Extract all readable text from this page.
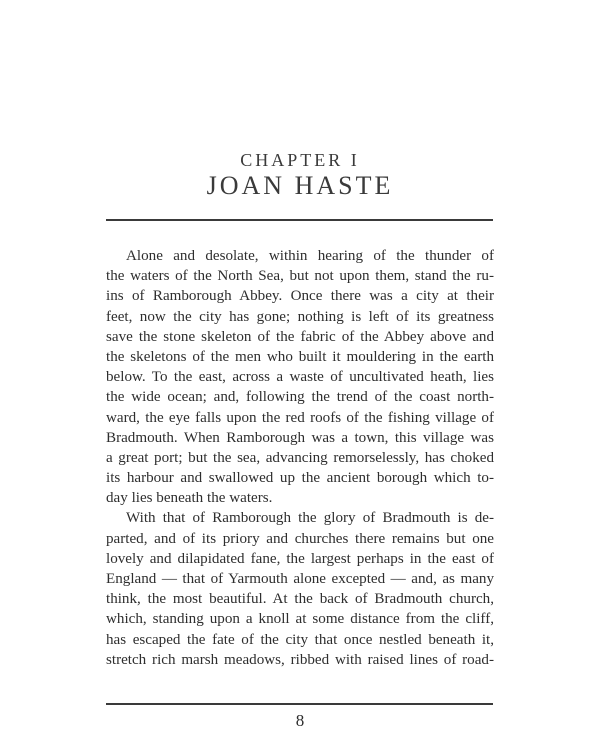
CHAPTER I
JOAN HASTE
Alone and desolate, within hearing of the thunder of
the waters of the North Sea, but not upon them, stand the ru-
ins of Ramborough Abbey. Once there was a city at their
feet, now the city has gone; nothing is left of its greatness
save the stone skeleton of the fabric of the Abbey above and
the skeletons of the men who built it mouldering in the earth
below. To the east, across a waste of uncultivated heath, lies
the wide ocean; and, following the trend of the coast north-
ward, the eye falls upon the red roofs of the fishing village of
Bradmouth. When Ramborough was a town, this village was
a great port; but the sea, advancing remorselessly, has choked
its harbour and swallowed up the ancient borough which to-
day lies beneath the waters.
With that of Ramborough the glory of Bradmouth is de-
parted, and of its priory and churches there remains but one
lovely and dilapidated fane, the largest perhaps in the east of
England — that of Yarmouth alone excepted — and, as many
think, the most beautiful. At the back of Bradmouth church,
which, standing upon a knoll at some distance from the cliff,
has escaped the fate of the city that once nestled beneath it,
stretch rich marsh meadows, ribbed with raised lines of road-
8
